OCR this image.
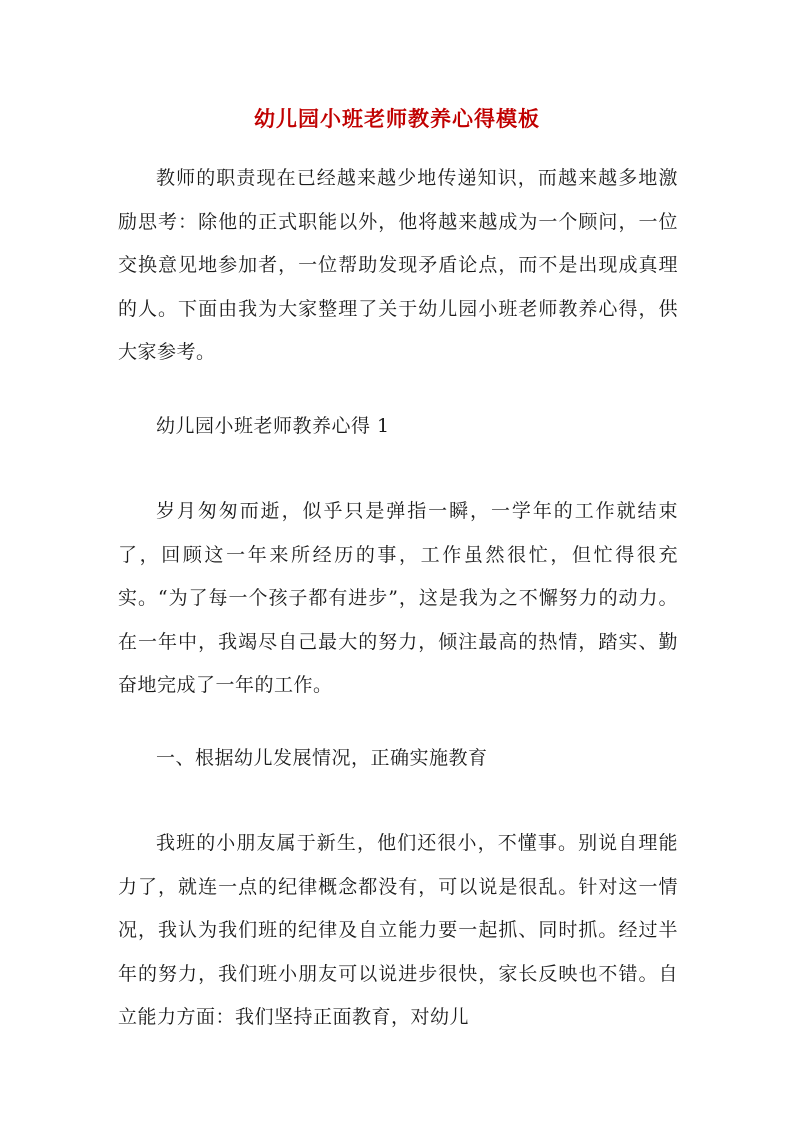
幼儿园小班老师教养心得模板

教师的职责现在已经越来越少地传递知识，而越来越多地激励思考：除他的正式职能以外，他将越来越成为一个顾问，一位交换意见地参加者，一位帮助发现矛盾论点，而不是出现成真理的人。下面由我为大家整理了关于幼儿园小班老师教养心得，供大家参考。

幼儿园小班老师教养心得 1

岁月匆匆而逝，似乎只是弹指一瞬，一学年的工作就结束了，回顾这一年来所经历的事，工作虽然很忙，但忙得很充实。“为了每一个孩子都有进步”，这是我为之不懈努力的动力。在一年中，我竭尽自己最大的努力，倾注最高的热情，踏实、勤奋地完成了一年的工作。

一、根据幼儿发展情况，正确实施教育

我班的小朋友属于新生，他们还很小，不懂事。别说自理能力了，就连一点的纪律概念都没有，可以说是很乱。针对这一情况，我认为我们班的纪律及自立能力要一起抓、同时抓。经过半年的努力，我们班小朋友可以说进步很快，家长反映也不错。自立能力方面：我们坚持正面教育，对幼儿
